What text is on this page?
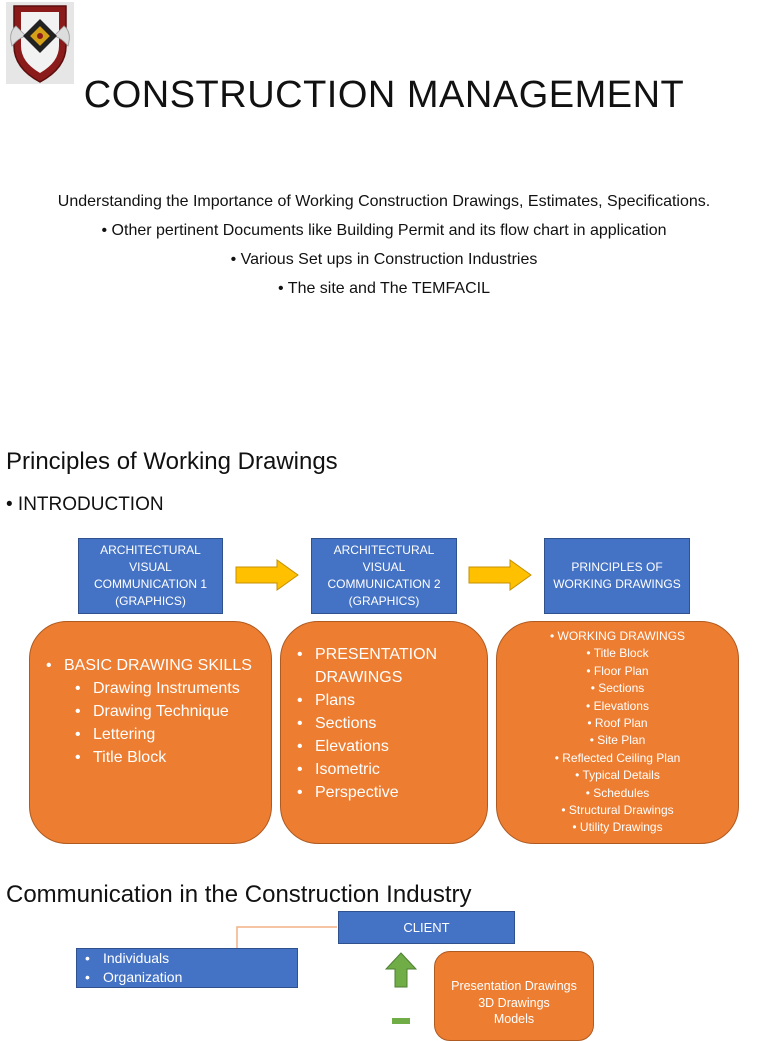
CONSTRUCTION MANAGEMENT
Understanding the Importance of Working Construction Drawings, Estimates, Specifications.
• Other pertinent Documents like Building Permit and its flow chart in application
• Various Set ups in Construction Industries
• The site and The TEMFACIL
Principles of Working Drawings
• INTRODUCTION
ARCHITECTURAL
VISUAL
COMMUNICATION 1
(GRAPHICS)
ARCHITECTURAL
VISUAL
COMMUNICATION 2
(GRAPHICS)
PRINCIPLES OF
WORKING DRAWINGS
• BASIC DRAWING SKILLS
• Drawing Instruments
• Drawing Technique
• Lettering
• Title Block
• PRESENTATION DRAWINGS
• Plans
• Sections
• Elevations
• Isometric
• Perspective
• WORKING DRAWINGS
• Title Block
• Floor Plan
• Sections
• Elevations
• Roof Plan
• Site Plan
• Reflected Ceiling Plan
• Typical Details
• Schedules
• Structural Drawings
• Utility Drawings
Communication in the Construction Industry
CLIENT
• Individuals
• Organization
Presentation Drawings
3D Drawings
Models
